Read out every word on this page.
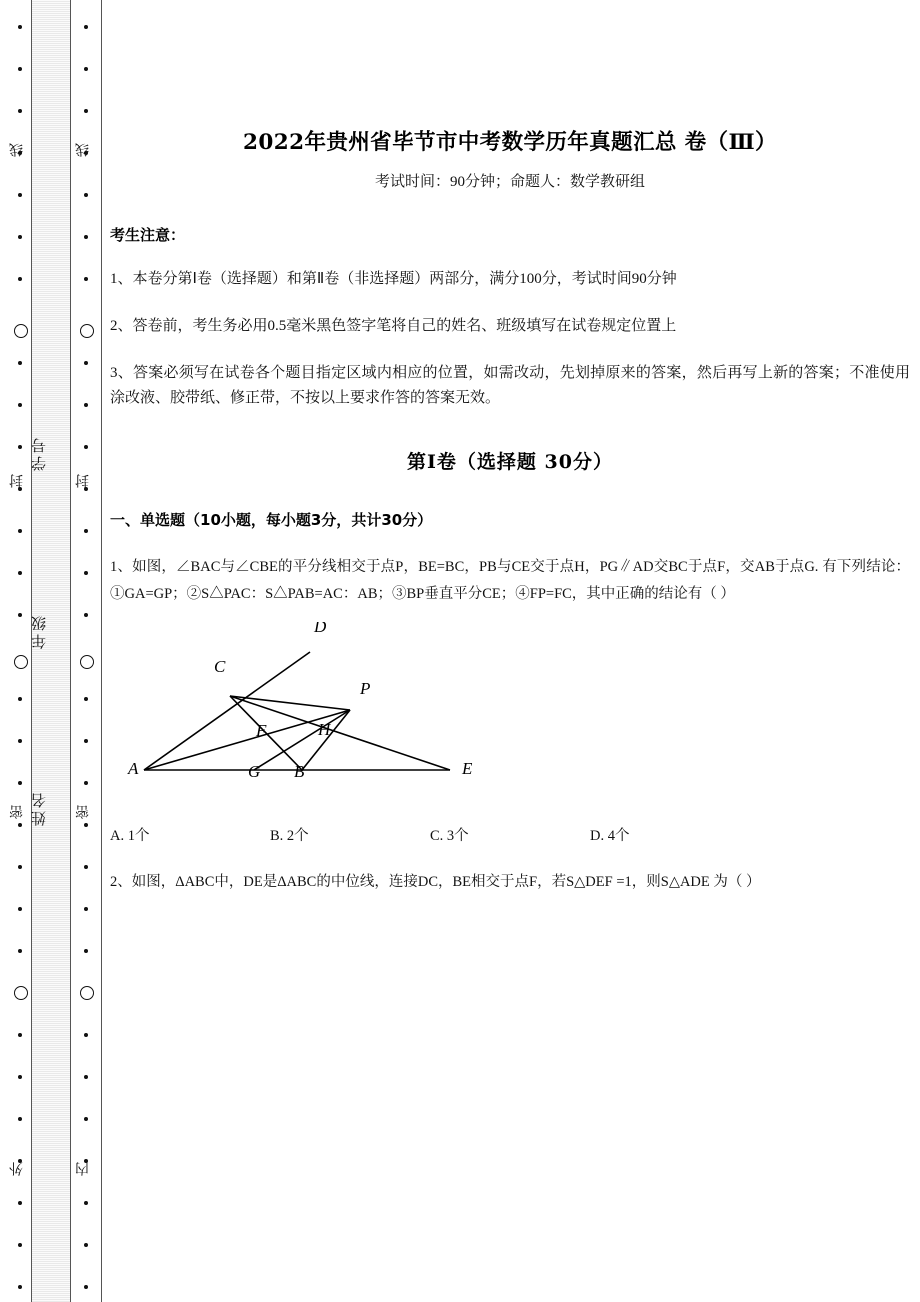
学号
年级
姓名
线
封
密
外
线
封
密
内
2022年贵州省毕节市中考数学历年真题汇总 卷（Ⅲ）
考试时间：90分钟；命题人：数学教研组
考生注意：

1、本卷分第Ⅰ卷（选择题）和第Ⅱ卷（非选择题）两部分，满分100分，考试时间90分钟

2、答卷前，考生务必用0.5毫米黑色签字笔将自己的姓名、班级填写在试卷规定位置上

3、答案必须写在试卷各个题目指定区域内相应的位置，如需改动，先划掉原来的答案，然后再写上新的答案；不准使用涂改液、胶带纸、修正带，不按以上要求作答的答案无效。

第Ⅰ卷（选择题 30分）
一、单选题（10小题，每小题3分，共计30分）

1、如图，∠BAC与∠CBE的平分线相交于点P，BE=BC，PB与CE交于点H，PG∥AD交BC于点F，交AB于点G. 有下列结论：①GA=GP；②S△PAC：S△PAB=AC：AB；③BP垂直平分CE；④FP=FC，其中正确的结论有（ ）

A	B
C
D
E
F
G
H
P
A. 1个	B. 2个	C. 3个	D. 4个

2、如图，ΔABC中，DE是ΔABC的中位线，连接DC，BE相交于点F，若S△DEF =1，则S△ADE 为（ ）
